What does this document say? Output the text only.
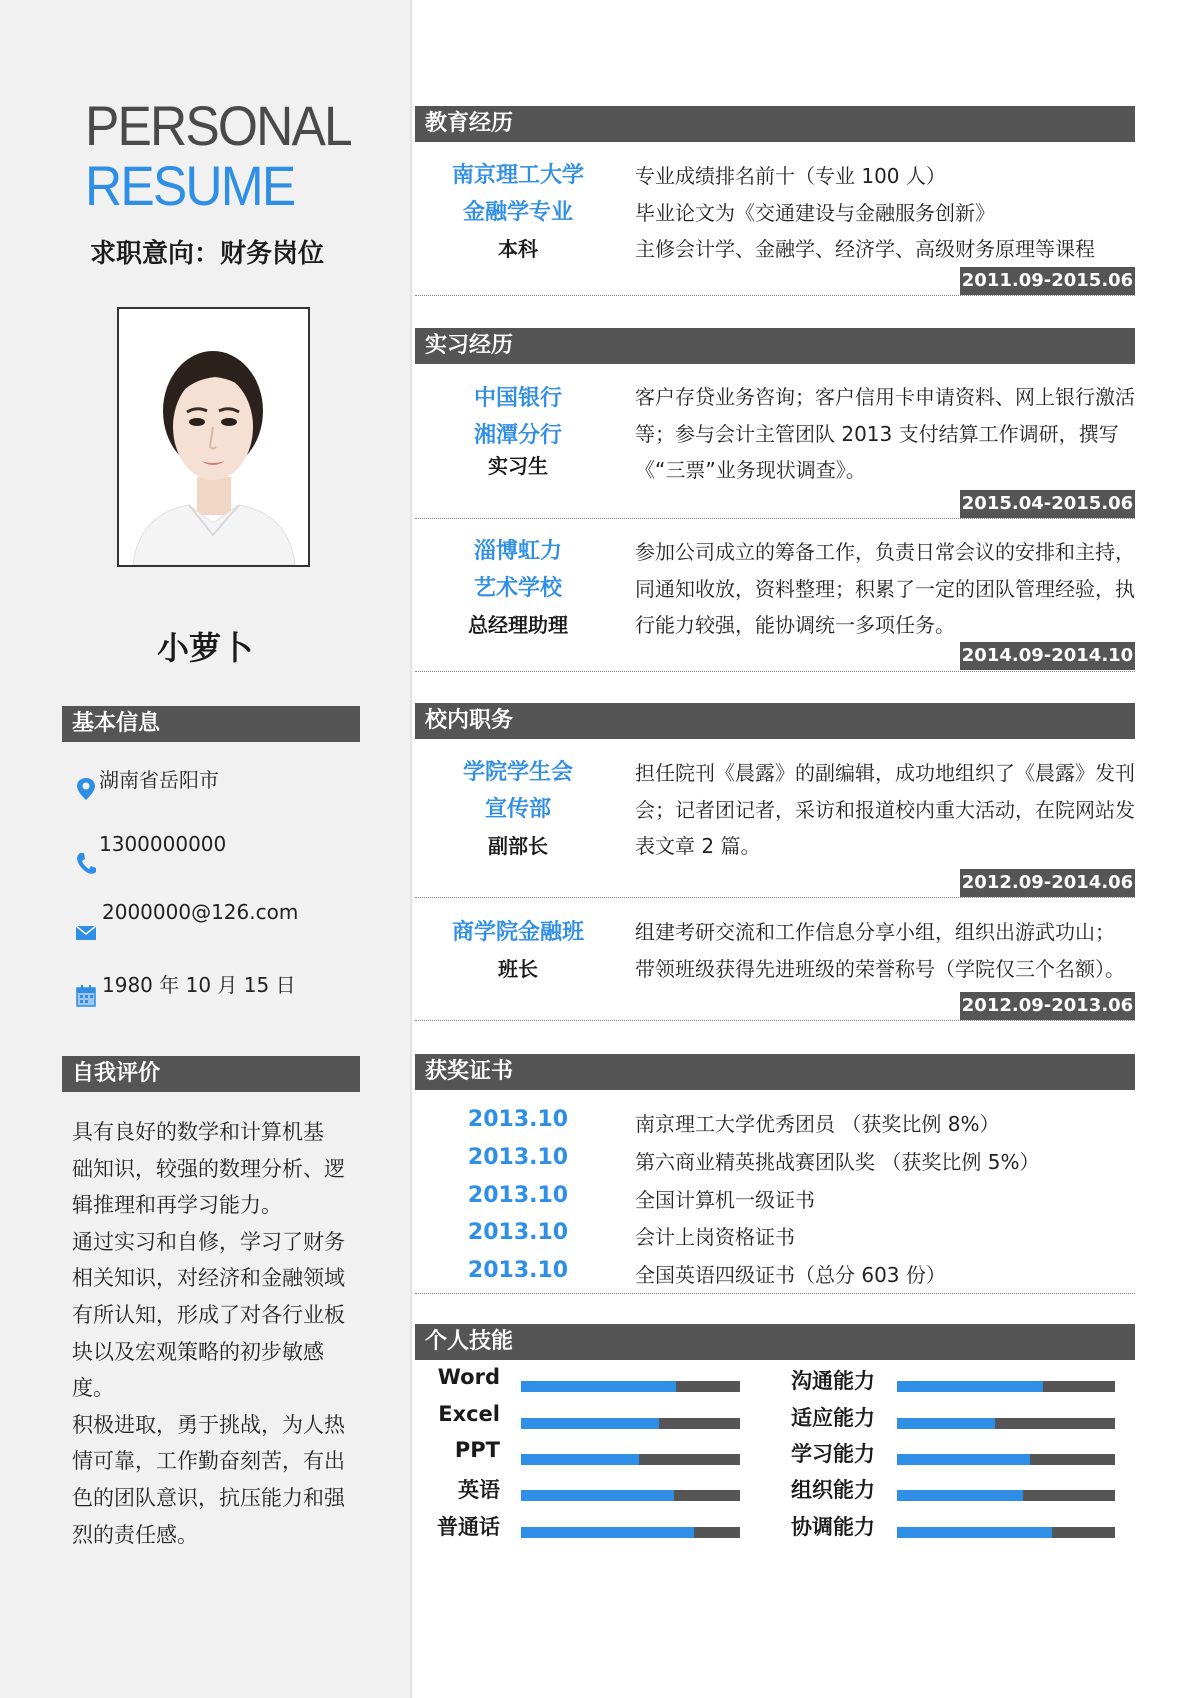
PERSONAL
RESUME
求职意向：财务岗位
小萝卜
基本信息
湖南省岳阳市
1300000000
2000000@126.com
1980 年 10 月 15 日
自我评价

具有良好的数学和计算机基

础知识，较强的数理分析、逻

辑推理和再学习能力。

通过实习和自修，学习了财务

相关知识，对经济和金融领域

有所认知，形成了对各行业板

块以及宏观策略的初步敏感

度。

积极进取，勇于挑战，为人热

情可靠，工作勤奋刻苦，有出

色的团队意识，抗压能力和强

烈的责任感。

教育经历
南京理工大学
金融学专业
本科
专业成绩排名前十（专业 100 人）
毕业论文为《交通建设与金融服务创新》
主修会计学、金融学、经济学、高级财务原理等课程
2011.09-2015.06
实习经历
中国银行
湘潭分行
实习生
客户存贷业务咨询；客户信用卡申请资料、网上银行激活
等；参与会计主管团队 2013 支付结算工作调研，撰写
《“三票”业务现状调查》。
2015.04-2015.06
淄博虹力
艺术学校
总经理助理
参加公司成立的筹备工作，负责日常会议的安排和主持，
同通知收放，资料整理；积累了一定的团队管理经验，执
行能力较强，能协调统一多项任务。
2014.09-2014.10
校内职务
学院学生会
宣传部
副部长
担任院刊《晨露》的副编辑，成功地组织了《晨露》发刊
会；记者团记者，采访和报道校内重大活动，在院网站发
表文章 2 篇。
2012.09-2014.06
商学院金融班
班长
组建考研交流和工作信息分享小组，组织出游武功山；
带领班级获得先进班级的荣誉称号（学院仅三个名额）。
2012.09-2013.06
获奖证书
2013.10	南京理工大学优秀团员 （获奖比例 8%）
2013.10	第六商业精英挑战赛团队奖 （获奖比例 5%）
2013.10	全国计算机一级证书
2013.10	会计上岗资格证书
2013.10	全国英语四级证书（总分 603 份）
个人技能
Word
Excel
PPT
英语
普通话
沟通能力
适应能力
学习能力
组织能力
协调能力
